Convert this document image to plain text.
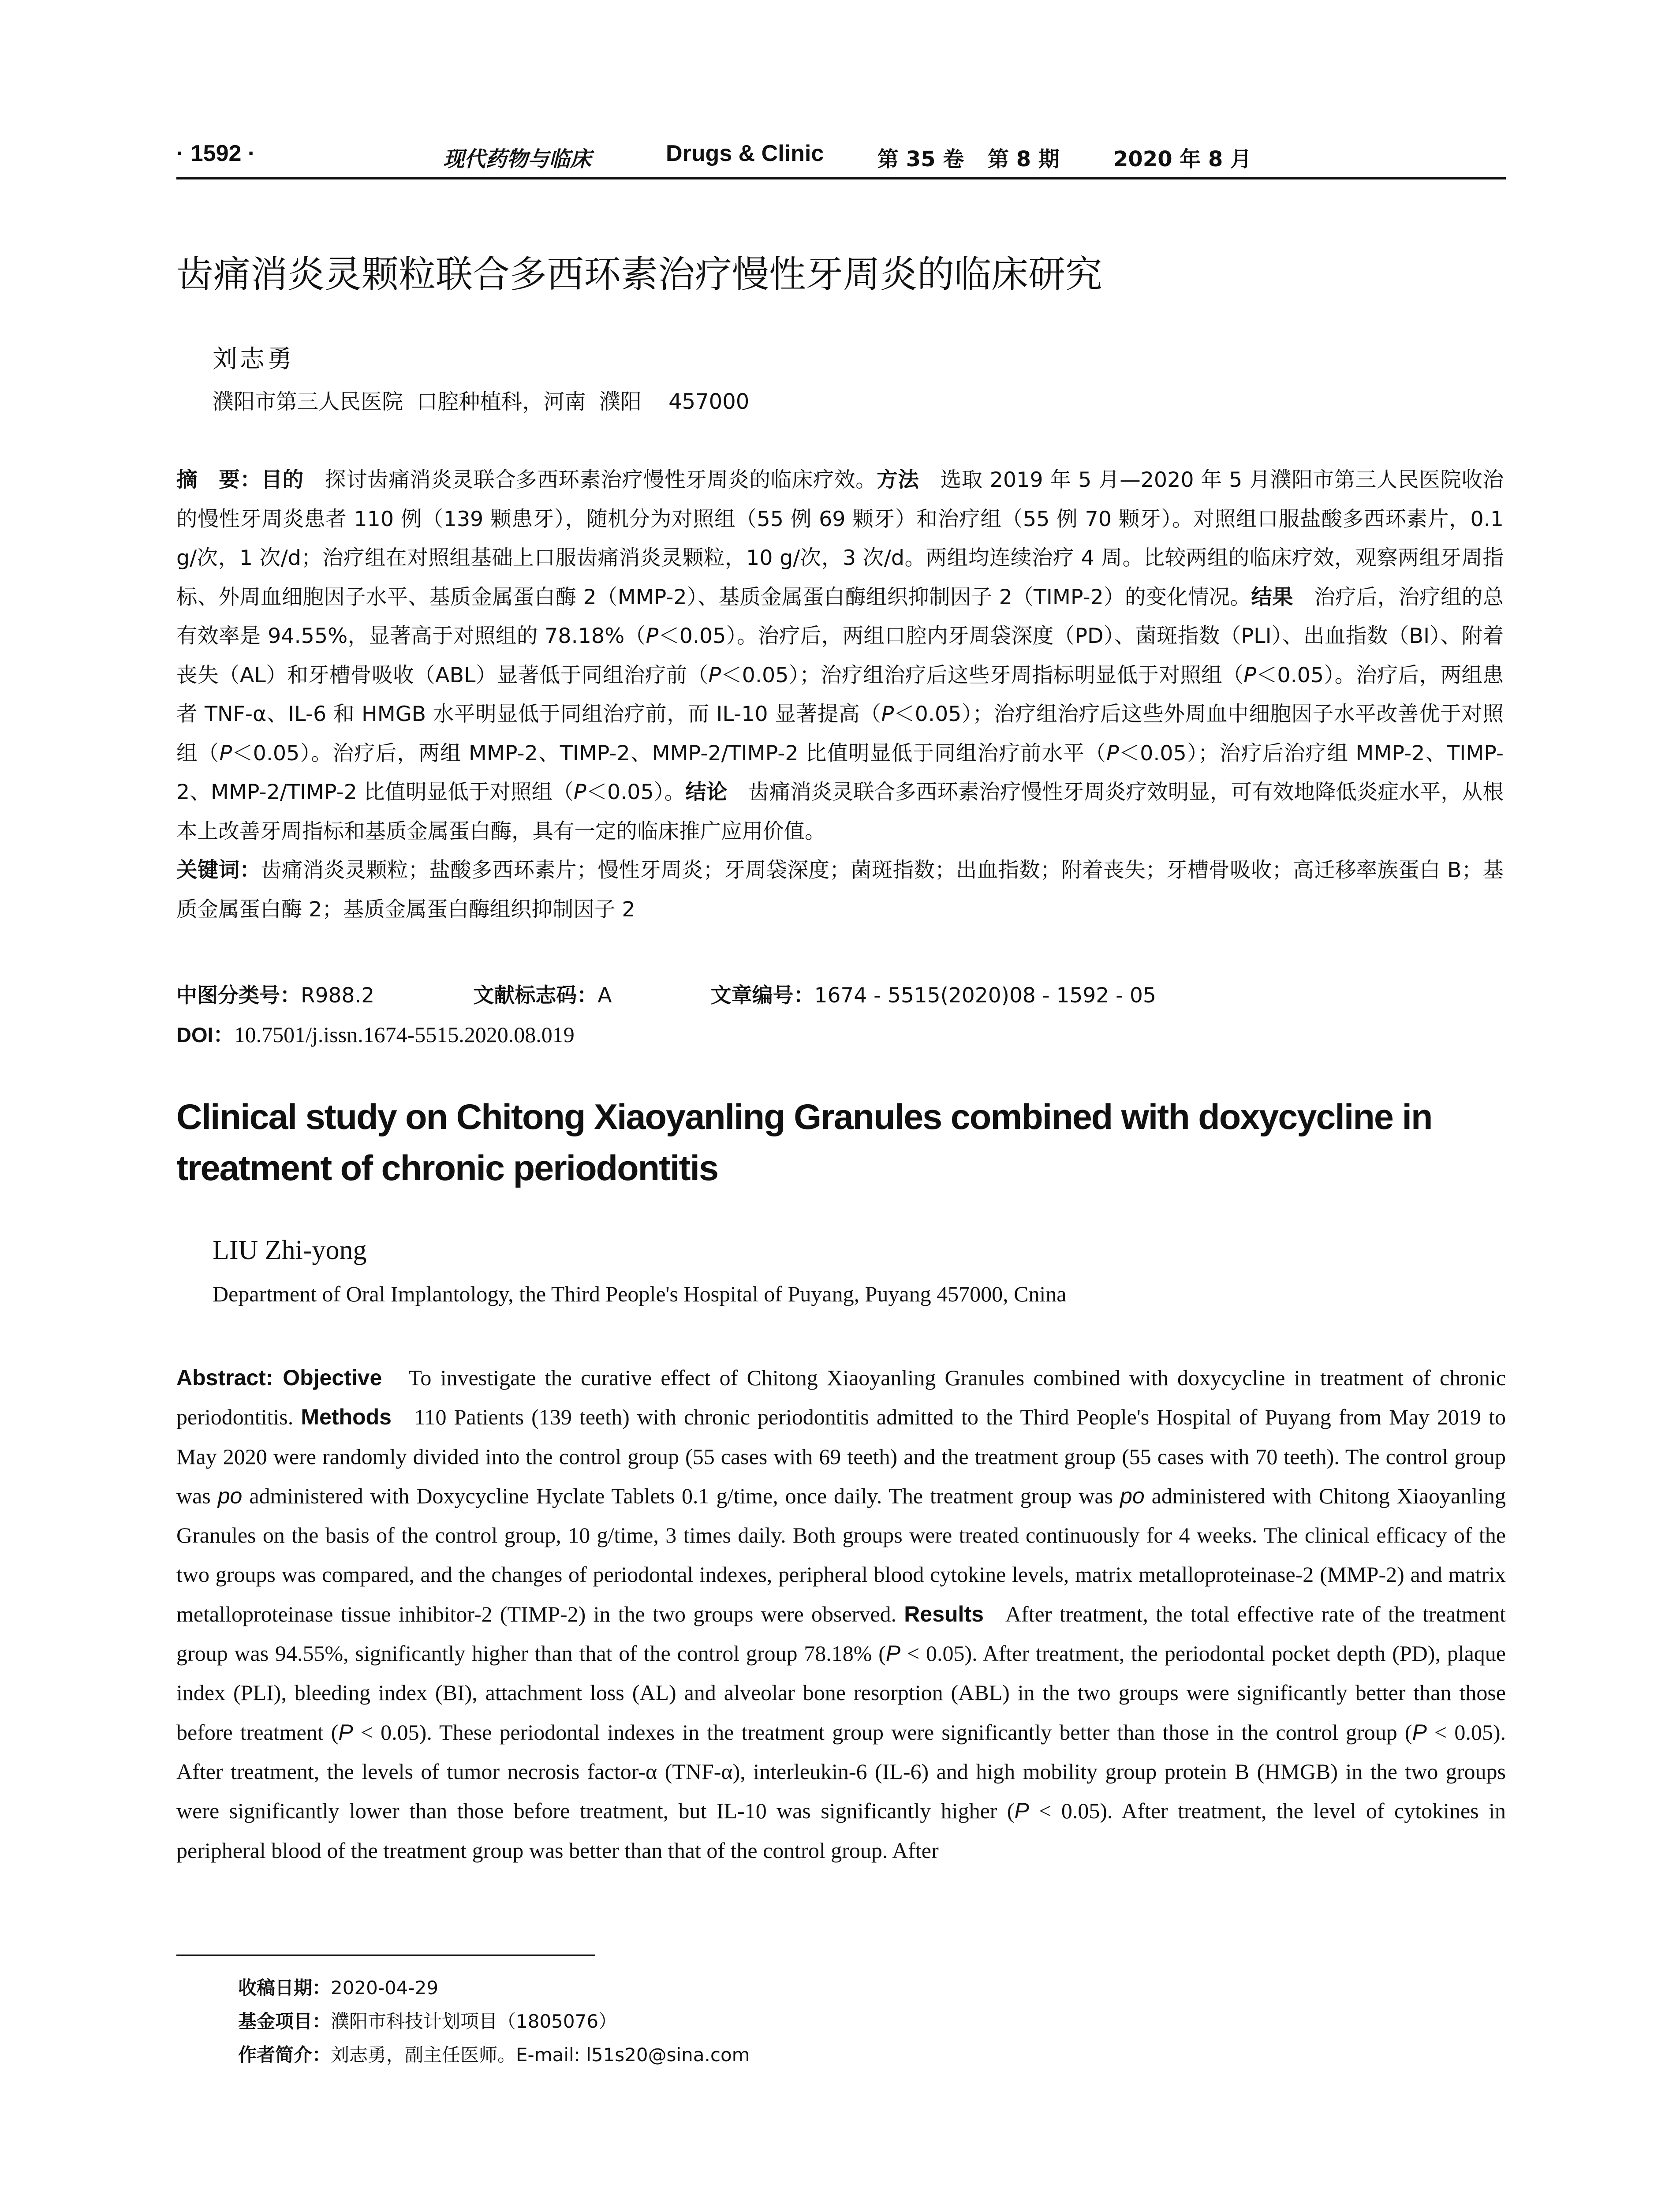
· 1592 ·	现代药物与临床	Drugs & Clinic	第 35 卷 第 8 期	2020 年 8 月
齿痛消炎灵颗粒联合多西环素治疗慢性牙周炎的临床研究
刘志勇
濮阳市第三人民医院  口腔种植科，河南  濮阳    457000
摘　要：目的　 探讨齿痛消炎灵联合多西环素治疗慢性牙周炎的临床疗效。方法　 选取 2019 年 5 月—2020 年 5 月濮阳市第三人民医院收治的慢性牙周炎患者 110 例（139 颗患牙），随机分为对照组（55 例 69 颗牙）和治疗组（55 例 70 颗牙）。对照组口服盐酸多西环素片，0.1 g/次，1 次/d；治疗组在对照组基础上口服齿痛消炎灵颗粒，10 g/次，3 次/d。两组均连续治疗 4 周。比较两组的临床疗效，观察两组牙周指标、外周血细胞因子水平、基质金属蛋白酶 2（MMP-2）、基质金属蛋白酶组织抑制因子 2（TIMP-2）的变化情况。结果　 治疗后，治疗组的总有效率是 94.55%，显著高于对照组的 78.18%（P＜0.05）。治疗后，两组口腔内牙周袋深度（PD）、菌斑指数（PLI）、出血指数（BI）、附着丧失（AL）和牙槽骨吸收（ABL）显著低于同组治疗前（P＜0.05）；治疗组治疗后这些牙周指标明显低于对照组（P＜0.05）。治疗后，两组患者 TNF-α、IL-6 和 HMGB 水平明显低于同组治疗前，而 IL-10 显著提高（P＜0.05）；治疗组治疗后这些外周血中细胞因子水平改善优于对照组（P＜0.05）。治疗后，两组 MMP-2、TIMP-2、MMP-2/TIMP-2 比值明显低于同组治疗前水平（P＜0.05）；治疗后治疗组 MMP-2、TIMP-2、MMP-2/TIMP-2 比值明显低于对照组（P＜0.05）。结论　 齿痛消炎灵联合多西环素治疗慢性牙周炎疗效明显，可有效地降低炎症水平，从根本上改善牙周指标和基质金属蛋白酶，具有一定的临床推广应用价值。
关键词：齿痛消炎灵颗粒；盐酸多西环素片；慢性牙周炎；牙周袋深度；菌斑指数；出血指数；附着丧失；牙槽骨吸收；高迁移率族蛋白 B；基质金属蛋白酶 2；基质金属蛋白酶组织抑制因子 2
中图分类号：R988.2	文献标志码：A	文章编号：1674 - 5515(2020)08 - 1592 - 05
DOI：10.7501/j.issn.1674-5515.2020.08.019
Clinical study on Chitong Xiaoyanling Granules combined with doxycycline in
treatment of chronic periodontitis
LIU Zhi-yong
Department of Oral Implantology, the Third People's Hospital of Puyang, Puyang 457000, Cnina
Abstract: Objective To investigate the curative effect of Chitong Xiaoyanling Granules combined with doxycycline in treatment of chronic periodontitis. Methods 110 Patients (139 teeth) with chronic periodontitis admitted to the Third People's Hospital of Puyang from May 2019 to May 2020 were randomly divided into the control group (55 cases with 69 teeth) and the treatment group (55 cases with 70 teeth). The control group was po administered with Doxycycline Hyclate Tablets 0.1 g/time, once daily. The treatment group was po administered with Chitong Xiaoyanling Granules on the basis of the control group, 10 g/time, 3 times daily. Both groups were treated continuously for 4 weeks. The clinical efficacy of the two groups was compared, and the changes of periodontal indexes, peripheral blood cytokine levels, matrix metalloproteinase-2 (MMP-2) and matrix metalloproteinase tissue inhibitor-2 (TIMP-2) in the two groups were observed. Results After treatment, the total effective rate of the treatment group was 94.55%, significantly higher than that of the control group 78.18% (P < 0.05). After treatment, the periodontal pocket depth (PD), plaque index (PLI), bleeding index (BI), attachment loss (AL) and alveolar bone resorption (ABL) in the two groups were significantly better than those before treatment (P < 0.05). These periodontal indexes in the treatment group were significantly better than those in the control group (P < 0.05). After treatment, the levels of tumor necrosis factor-α (TNF-α), interleukin-6 (IL-6) and high mobility group protein B (HMGB) in the two groups were significantly lower than those before treatment, but IL-10 was significantly higher (P < 0.05). After treatment, the level of cytokines in peripheral blood of the treatment group was better than that of the control group. After
收稿日期：2020-04-29
基金项目：濮阳市科技计划项目（1805076）
作者简介：刘志勇，副主任医师。E-mail: l51s20@sina.com
